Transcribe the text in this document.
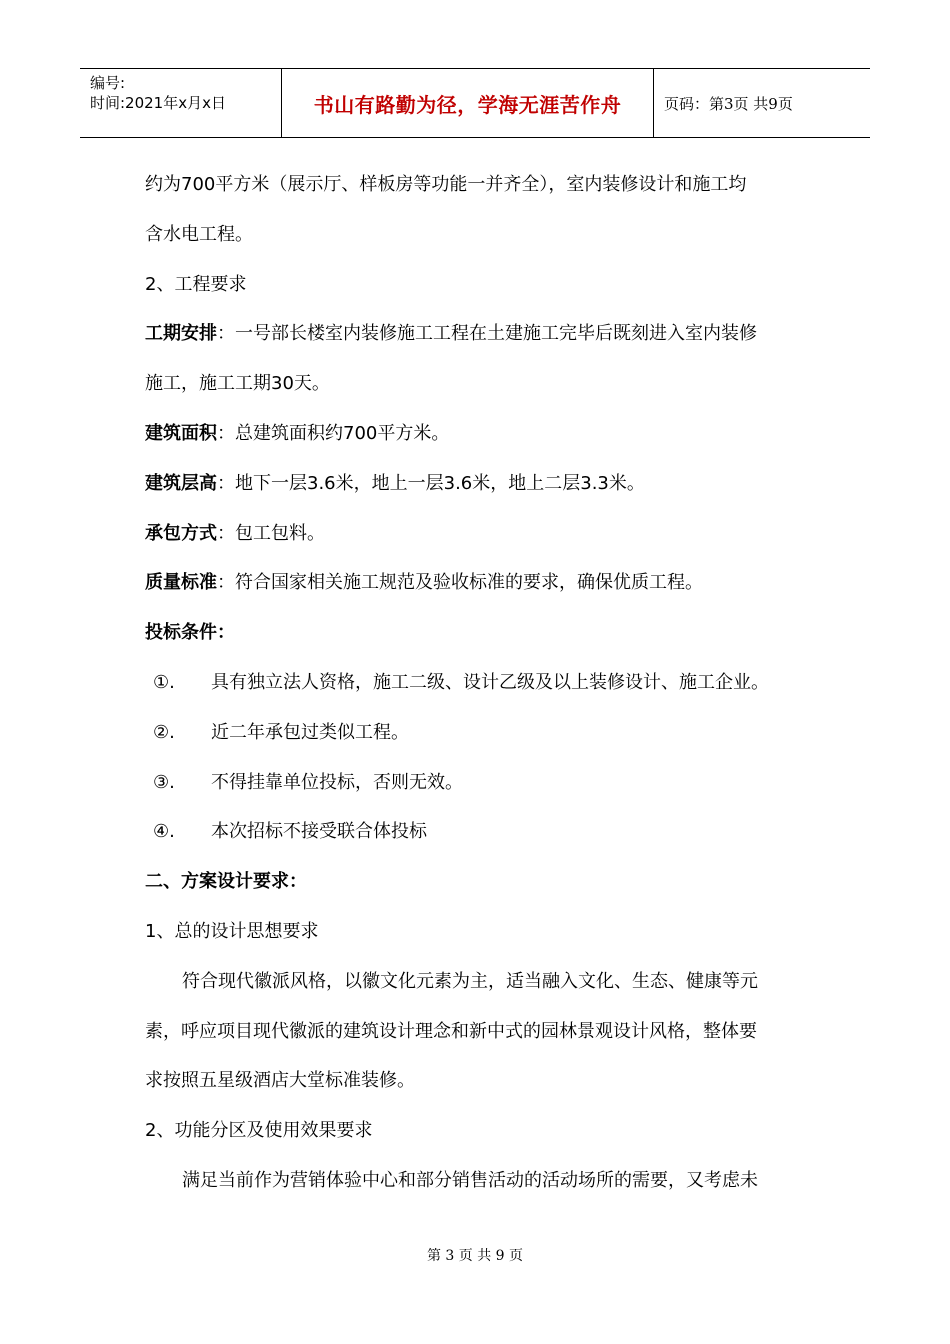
编号:
时间:2021年x月x日	书山有路勤为径，学海无涯苦作舟	页码：第3页 共9页
约为700平方米（展示厅、样板房等功能一并齐全），室内装修设计和施工均
含水电工程。
2、工程要求
工期安排：一号部长楼室内装修施工工程在土建施工完毕后既刻进入室内装修
施工，施工工期30天。
建筑面积：总建筑面积约700平方米。
建筑层高：地下一层3.6米，地上一层3.6米，地上二层3.3米。
承包方式：包工包料。
质量标准：符合国家相关施工规范及验收标准的要求，确保优质工程。
投标条件：
①.	具有独立法人资格，施工二级、设计乙级及以上装修设计、施工企业。
②.	近二年承包过类似工程。
③.	不得挂靠单位投标，否则无效。
④.	本次招标不接受联合体投标
二、方案设计要求：
1、总的设计思想要求
符合现代徽派风格，以徽文化元素为主，适当融入文化、生态、健康等元
素，呼应项目现代徽派的建筑设计理念和新中式的园林景观设计风格，整体要
求按照五星级酒店大堂标准装修。
2、功能分区及使用效果要求
满足当前作为营销体验中心和部分销售活动的活动场所的需要，又考虑未
第 3 页 共 9 页
